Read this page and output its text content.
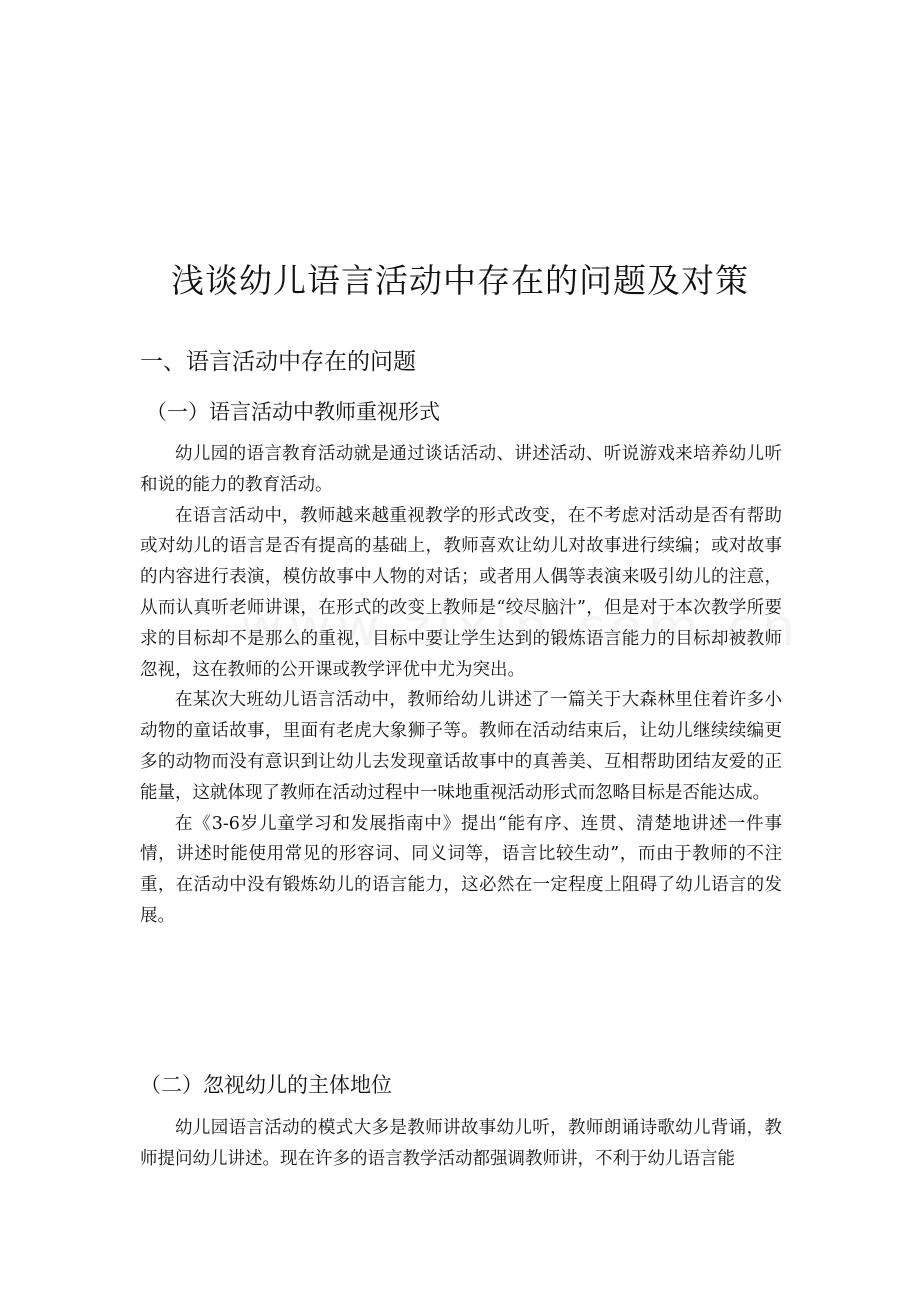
浅谈幼儿语言活动中存在的问题及对策
一、语言活动中存在的问题
（一）语言活动中教师重视形式

幼儿园的语言教育活动就是通过谈话活动、讲述活动、听说游戏来培养幼儿听和说的能力的教育活动。

在语言活动中，教师越来越重视教学的形式改变，在不考虑对活动是否有帮助或对幼儿的语言是否有提高的基础上，教师喜欢让幼儿对故事进行续编；或对故事的内容进行表演，模仿故事中人物的对话；或者用人偶等表演来吸引幼儿的注意，从而认真听老师讲课，在形式的改变上教师是“绞尽脑汁”，但是对于本次教学所要求的目标却不是那么的重视，目标中要让学生达到的锻炼语言能力的目标却被教师忽视，这在教师的公开课或教学评优中尤为突出。

在某次大班幼儿语言活动中，教师给幼儿讲述了一篇关于大森林里住着许多小动物的童话故事，里面有老虎大象狮子等。教师在活动结束后，让幼儿继续续编更多的动物而没有意识到让幼儿去发现童话故事中的真善美、互相帮助团结友爱的正能量，这就体现了教师在活动过程中一味地重视活动形式而忽略目标是否能达成。

在《3-6岁儿童学习和发展指南中》提出“能有序、连贯、清楚地讲述一件事情，讲述时能使用常见的形容词、同义词等，语言比较生动”，而由于教师的不注重，在活动中没有锻炼幼儿的语言能力，这必然在一定程度上阻碍了幼儿语言的发展。

（二）忽视幼儿的主体地位

幼儿园语言活动的模式大多是教师讲故事幼儿听，教师朗诵诗歌幼儿背诵，教师提问幼儿讲述。现在许多的语言教学活动都强调教师讲，不利于幼儿语言能
